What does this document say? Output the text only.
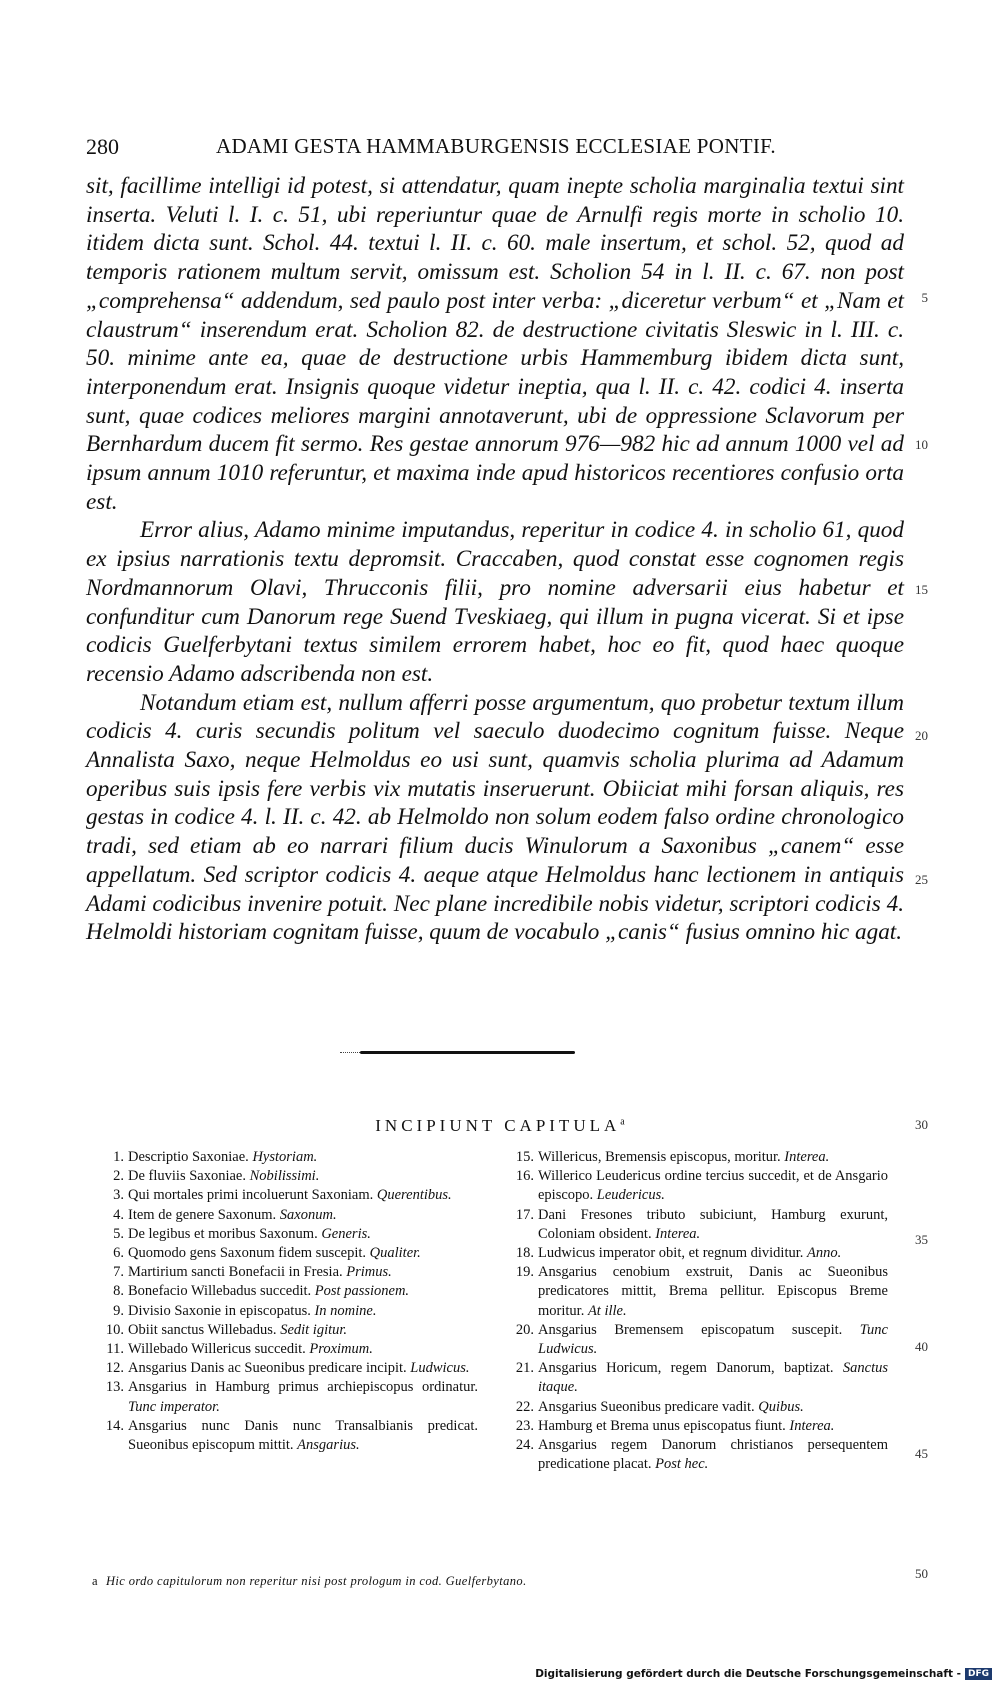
280	ADAMI GESTA HAMMABURGENSIS ECCLESIAE PONTIF.

sit, facillime intelligi id potest, si attendatur, quam inepte scholia marginalia textui sint inserta. Veluti l. I. c. 51, ubi reperiuntur quae de Arnulfi regis morte in scholio 10. itidem dicta sunt. Schol. 44. textui l. II. c. 60. male insertum, et schol. 52, quod ad temporis rationem multum servit, omissum est. Scholion 54 in l. II. c. 67. non post „comprehensa“ addendum, sed paulo post inter verba: „diceretur verbum“ et „Nam et claustrum“ inserendum erat. Scholion 82. de destructione civitatis Sleswic in l. III. c. 50. minime ante ea, quae de destructione urbis Hammemburg ibidem dicta sunt, interponendum erat. Insignis quoque videtur ineptia, qua l. II. c. 42. codici 4. inserta sunt, quae codices meliores margini annotaverunt, ubi de oppressione Sclavorum per Bernhardum ducem fit sermo. Res gestae annorum 976—982 hic ad annum 1000 vel ad ipsum annum 1010 referuntur, et maxima inde apud historicos recentiores confusio orta est.

Error alius, Adamo minime imputandus, reperitur in codice 4. in scholio 61, quod ex ipsius narrationis textu depromsit. Craccaben, quod constat esse cognomen regis Nordmannorum Olavi, Thrucconis filii, pro nomine adversarii eius habetur et confunditur cum Danorum rege Suend Tveskiaeg, qui illum in pugna vicerat. Si et ipse codicis Guelferbytani textus similem errorem habet, hoc eo fit, quod haec quoque recensio Adamo adscribenda non est.

Notandum etiam est, nullum afferri posse argumentum, quo probetur textum illum codicis 4. curis secundis politum vel saeculo duodecimo cognitum fuisse. Neque Annalista Saxo, neque Helmoldus eo usi sunt, quamvis scholia plurima ad Adamum operibus suis ipsis fere verbis vix mutatis inseruerunt. Obiiciat mihi forsan aliquis, res gestas in codice 4. l. II. c. 42. ab Helmoldo non solum eodem falso ordine chronologico tradi, sed etiam ab eo narrari filium ducis Winulorum a Saxonibus „canem“ esse appellatum. Sed scriptor codicis 4. aeque atque Helmoldus hanc lectionem in antiquis Adami codicibus invenire potuit. Nec plane incredibile nobis videtur, scriptori codicis 4. Helmoldi historiam cognitam fuisse, quum de vocabulo „canis“ fusius omnino hic agat.

5
10
15
20
25
30
35
40
45
50
INCIPIUNT CAPITULA$^a$
1. Descriptio Saxoniae. Hystoriam.
2. De fluviis Saxoniae. Nobilissimi.
3. Qui mortales primi incoluerunt Saxoniam. Querentibus.
4. Item de genere Saxonum. Saxonum.
5. De legibus et moribus Saxonum. Generis.
6. Quomodo gens Saxonum fidem suscepit. Qualiter.
7. Martirium sancti Bonefacii in Fresia. Primus.
8. Bonefacio Willebadus succedit. Post passionem.
9. Divisio Saxonie in episcopatus. In nomine.
10. Obiit sanctus Willebadus. Sedit igitur.
11. Willebado Willericus succedit. Proximum.
12. Ansgarius Danis ac Sueonibus predicare incipit. Ludwicus.
13. Ansgarius in Hamburg primus archiepiscopus ordinatur. Tunc imperator.
14. Ansgarius nunc Danis nunc Transalbianis predicat. Sueonibus episcopum mittit. Ansgarius.
15. Willericus, Bremensis episcopus, moritur. Interea.
16. Willerico Leudericus ordine tercius succedit, et de Ansgario episcopo. Leudericus.
17. Dani Fresones tributo subiciunt, Hamburg exurunt, Coloniam obsident. Interea.
18. Ludwicus imperator obit, et regnum dividitur. Anno.
19. Ansgarius cenobium exstruit, Danis ac Sueonibus predicatores mittit, Brema pellitur. Episcopus Breme moritur. At ille.
20. Ansgarius Bremensem episcopatum suscepit. Tunc Ludwicus.
21. Ansgarius Horicum, regem Danorum, baptizat. Sanctus itaque.
22. Ansgarius Sueonibus predicare vadit. Quibus.
23. Hamburg et Brema unus episcopatus fiunt. Interea.
24. Ansgarius regem Danorum christianos persequentem predicatione placat. Post hec.
a Hic ordo capitulorum non reperitur nisi post prologum in cod. Guelferbytano.
Digitalisierung gefördert durch die Deutsche Forschungsgemeinschaft - DFG
